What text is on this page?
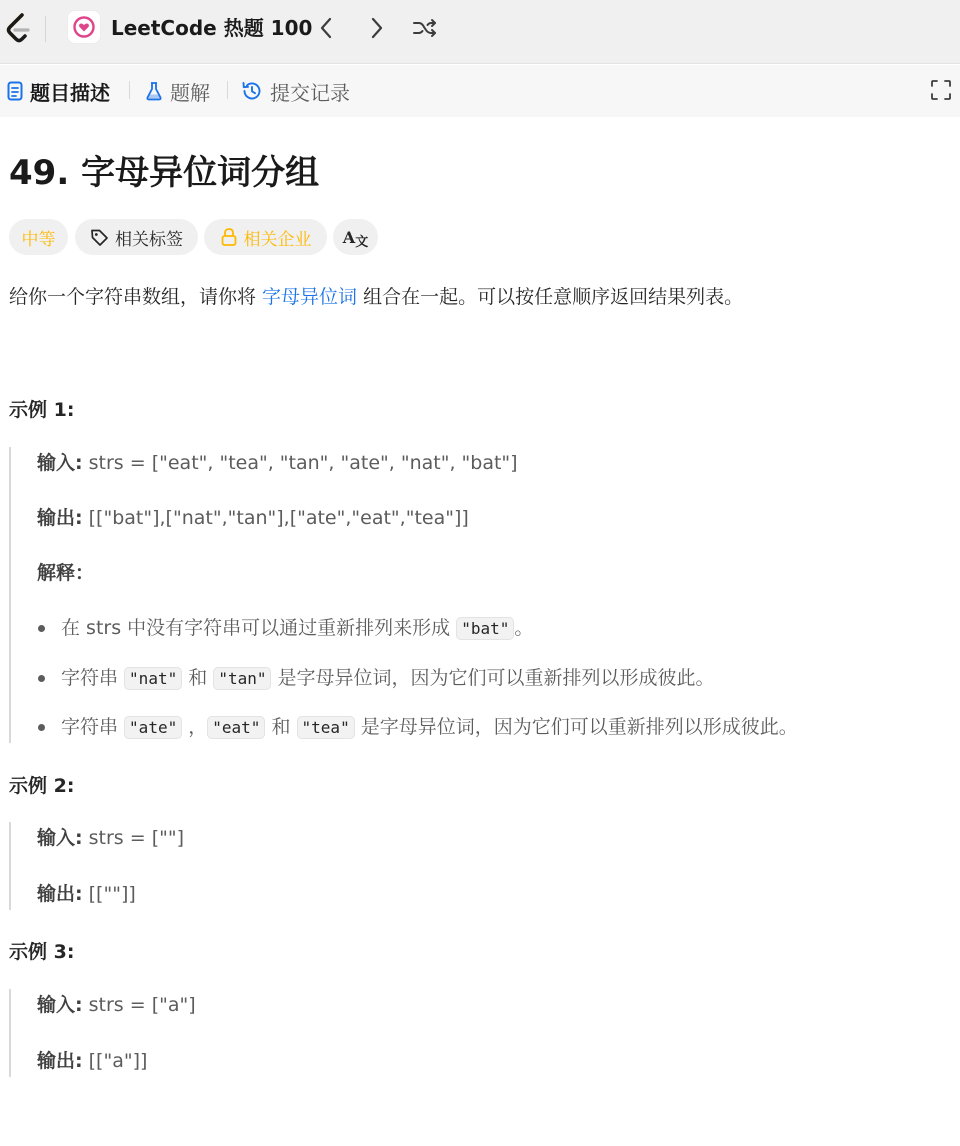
LeetCode 热题 100
题目描述	题解	提交记录
49. 字母异位词分组
中等	相关标签	相关企业 A文
给你一个字符串数组，请你将 字母异位词 组合在一起。可以按任意顺序返回结果列表。
示例 1:
输入: strs = ["eat", "tea", "tan", "ate", "nat", "bat"]
输出: [["bat"],["nat","tan"],["ate","eat","tea"]]
解释：
在 strs 中没有字符串可以通过重新排列来形成 "bat" 。
字符串 "nat" 和 "tan" 是字母异位词，因为它们可以重新排列以形成彼此。
字符串 "ate" ， "eat" 和 "tea" 是字母异位词，因为它们可以重新排列以形成彼此。
示例 2:
输入: strs = [""]
输出: [[""]]
示例 3:
输入: strs = ["a"]
输出: [["a"]]
